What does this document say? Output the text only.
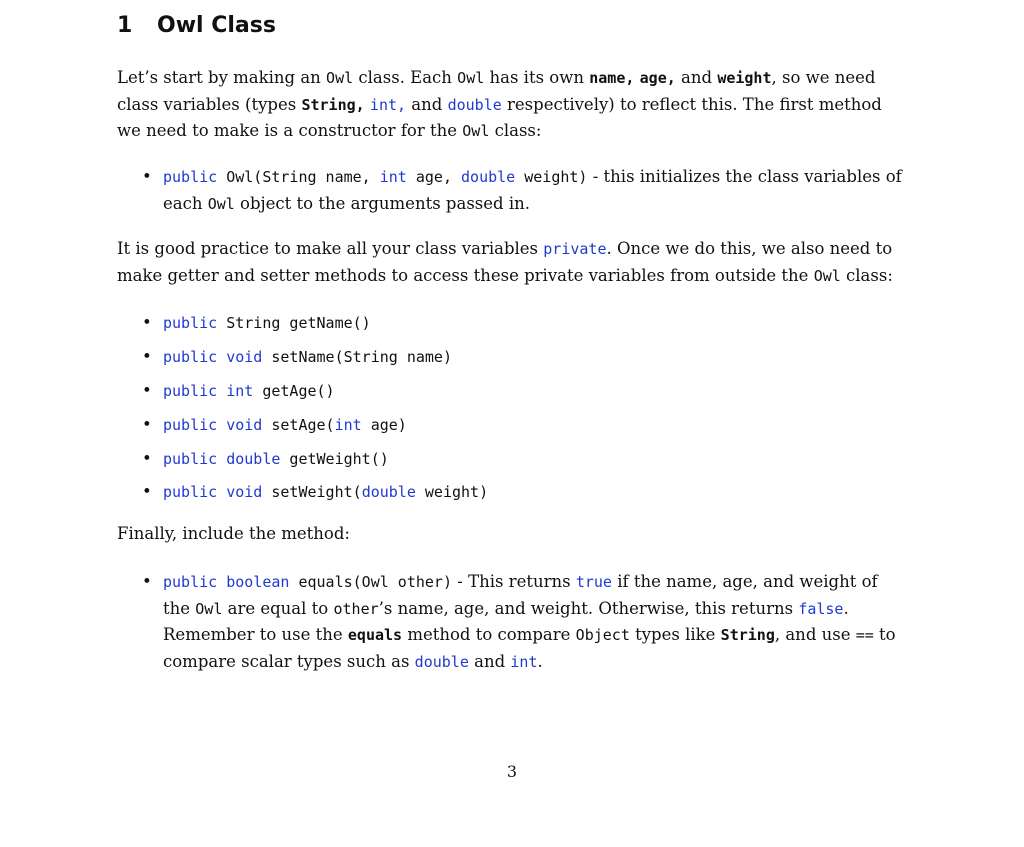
1 Owl Class

Let’s start by making an Owl class. Each Owl has its own name, age, and weight, so we need class variables (types String, int, and double respectively) to reflect this. The first method we need to make is a constructor for the Owl class:

• public Owl(String name, int age, double weight) - this initializes the class variables of each Owl object to the arguments passed in.

It is good practice to make all your class variables private. Once we do this, we also need to make getter and setter methods to access these private variables from outside the Owl class:

• public String getName()
• public void setName(String name)
• public int getAge()
• public void setAge(int age)
• public double getWeight()
• public void setWeight(double weight)

Finally, include the method:

• public boolean equals(Owl other) - This returns true if the name, age, and weight of the Owl are equal to other’s name, age, and weight. Otherwise, this returns false. Remember to use the equals method to compare Object types like String, and use == to compare scalar types such as double and int.
3
